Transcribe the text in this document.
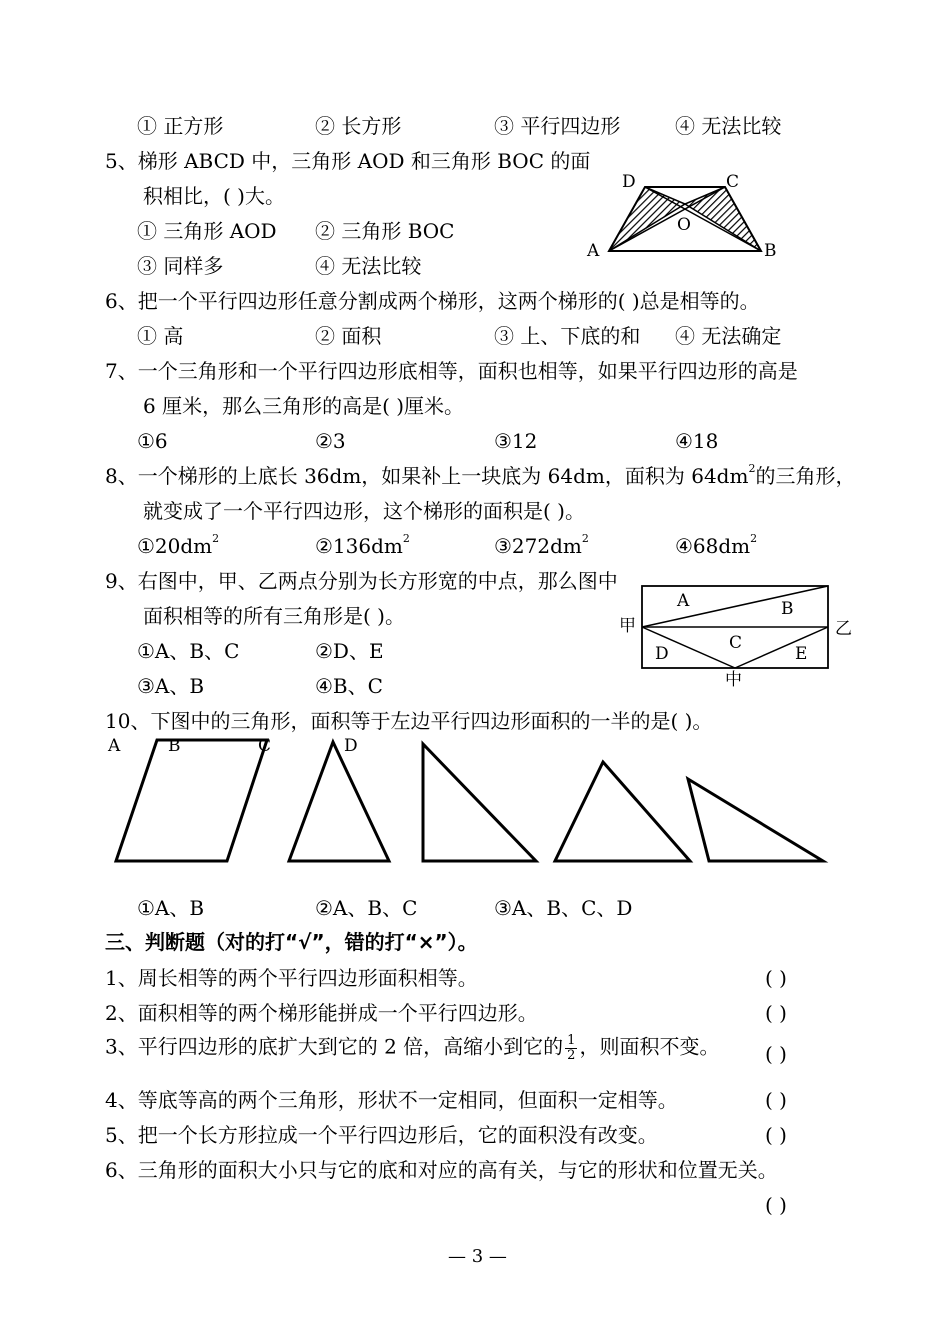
① 正方形	② 长方形	③ 平行四边形	④ 无法比较
5、梯形 ABCD 中，三角形 AOD 和三角形 BOC 的面
积相比，( )大。
① 三角形 AOD ② 三角形 BOC
③ 同样多	④ 无法比较
D	C
O
A	B
6、把一个平行四边形任意分割成两个梯形，这两个梯形的( )总是相等的。
① 高	② 面积	③ 上、下底的和 ④ 无法确定
7、一个三角形和一个平行四边形底相等，面积也相等，如果平行四边形的高是
6 厘米，那么三角形的高是( )厘米。
①6	②3	③12	④18
8、一个梯形的上底长 36dm，如果补上一块底为 64dm，面积为 $64dm^2$的三角形，
就变成了一个平行四边形，这个梯形的面积是( )。
$①20dm^2$	$②136dm^2$	$③272dm^2$	$④68dm^2$
9、右图中，甲、乙两点分别为长方形宽的中点，那么图中
面积相等的所有三角形是( )。
①A、B、C	②D、E
③A、B	④B、C
A	B
C
D	E
甲	乙
中
10、下图中的三角形，面积等于左边平行四边形面积的一半的是( )。
A	B	C	D
①A、B	②A、B、C	③A、B、C、D
三、判断题（对的打“√”，错的打“×”）。
1、周长相等的两个平行四边形面积相等。	( )
2、面积相等的两个梯形能拼成一个平行四边形。	( )
3、平行四边形的底扩大到它的 2 倍，高缩小到它的 $\frac{1}{2}$ ，则面积不变。 ( )
4、等底等高的两个三角形，形状不一定相同，但面积一定相等。	( )
5、把一个长方形拉成一个平行四边形后，它的面积没有改变。	( )
6、三角形的面积大小只与它的底和对应的高有关，与它的形状和位置无关。
( )
— 3 —
